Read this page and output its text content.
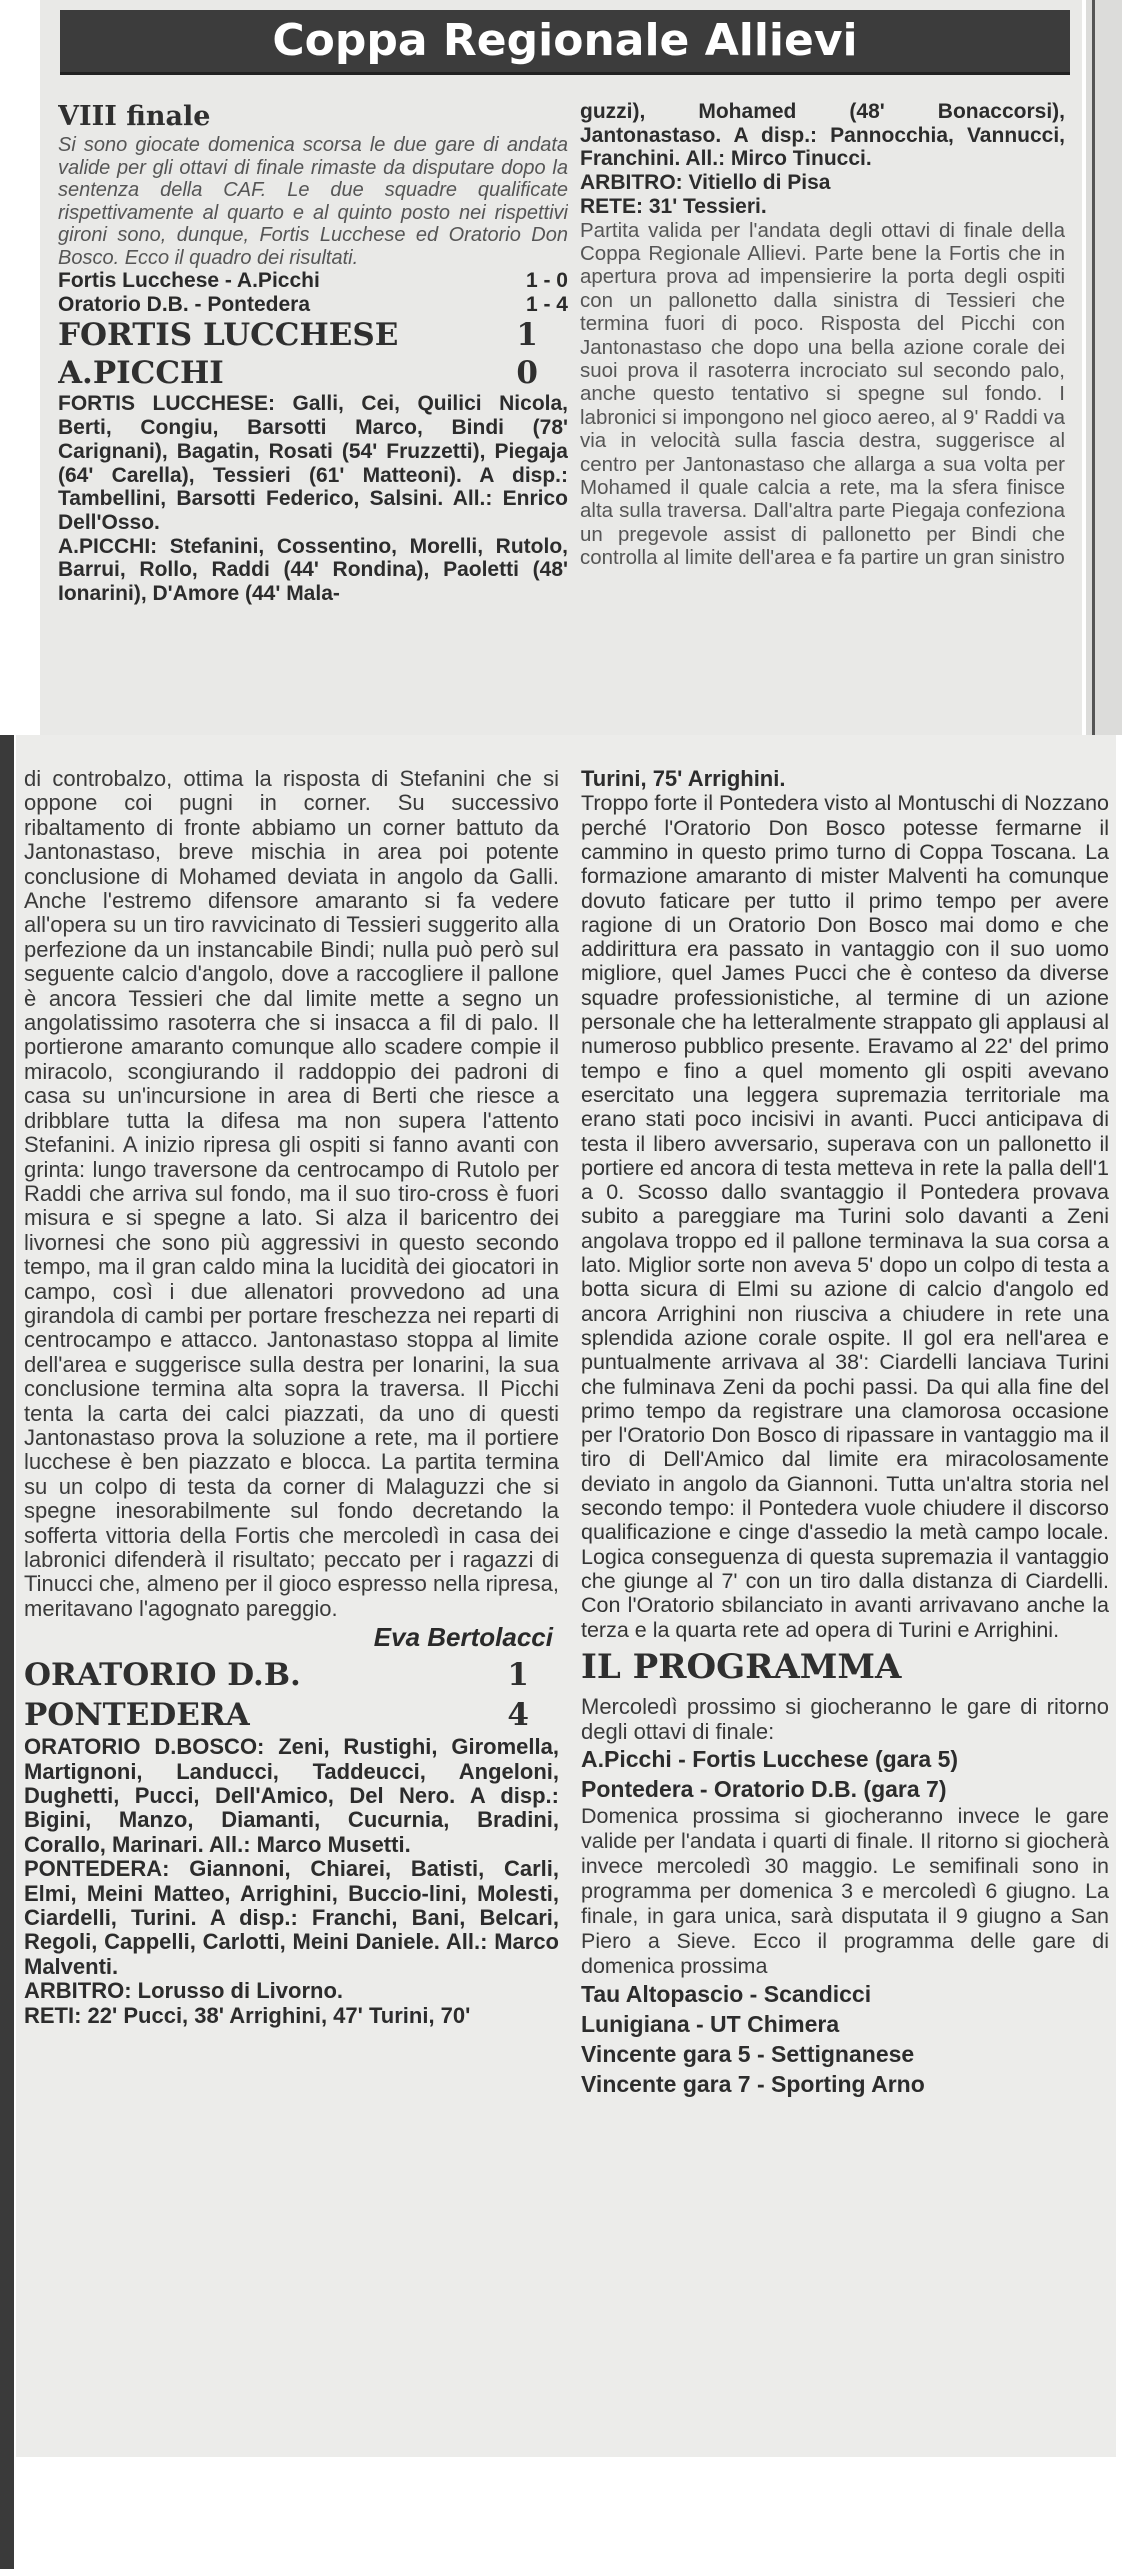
Coppa Regionale Allievi
VIII finale

Si sono giocate domenica scorsa le due gare di andata valide per gli ottavi di finale rimaste da disputare dopo la sentenza della CAF. Le due squadre qualificate rispettivamente al quarto e al quinto posto nei rispettivi gironi sono, dunque, Fortis Lucchese ed Oratorio Don Bosco. Ecco il quadro dei risultati.

Fortis Lucchese - A.Picchi	1 - 0
Oratorio D.B. - Pontedera	1 - 4
FORTIS LUCCHESE	1
A.PICCHI	0

FORTIS LUCCHESE: Galli, Cei, Quilici Nicola, Berti, Congiu, Barsotti Marco, Bindi (78' Carignani), Bagatin, Rosati (54' Fruzzetti), Piegaja (64' Carella), Tessieri (61' Matteoni). A disp.: Tambellini, Barsotti Federico, Salsini. All.: Enrico Dell'Osso.

A.PICCHI: Stefanini, Cossentino, Morelli, Rutolo, Barrui, Rollo, Raddi (44' Rondina), Paoletti (48' Ionarini), D'Amore (44' Mala-

guzzi), Mohamed (48' Bonaccorsi), Jantonastaso. A disp.: Pannocchia, Vannucci, Franchini. All.: Mirco Tinucci.

ARBITRO: Vitiello di Pisa

RETE: 31' Tessieri.

Partita valida per l'andata degli ottavi di finale della Coppa Regionale Allievi. Parte bene la Fortis che in apertura prova ad impensierire la porta degli ospiti con un pallonetto dalla sinistra di Tessieri che termina fuori di poco. Risposta del Picchi con Jantonastaso che dopo una bella azione corale dei suoi prova il rasoterra incrociato sul secondo palo, anche questo tentativo si spegne sul fondo. I labronici si impongono nel gioco aereo, al 9' Raddi va via in velocità sulla fascia destra, suggerisce al centro per Jantonastaso che allarga a sua volta per Mohamed il quale calcia a rete, ma la sfera finisce alta sulla traversa. Dall'altra parte Piegaja confeziona un pregevole assist di pallonetto per Bindi che controlla al limite dell'area e fa partire un gran sinistro

di controbalzo, ottima la risposta di Stefanini che si oppone coi pugni in corner. Su successivo ribaltamento di fronte abbiamo un corner battuto da Jantonastaso, breve mischia in area poi potente conclusione di Mohamed deviata in angolo da Galli. Anche l'estremo difensore amaranto si fa vedere all'opera su un tiro ravvicinato di Tessieri suggerito alla perfezione da un instancabile Bindi; nulla può però sul seguente calcio d'angolo, dove a raccogliere il pallone è ancora Tessieri che dal limite mette a segno un angolatissimo rasoterra che si insacca a fil di palo. Il portierone amaranto comunque allo scadere compie il miracolo, scongiurando il raddoppio dei padroni di casa su un'incursione in area di Berti che riesce a dribblare tutta la difesa ma non supera l'attento Stefanini. A inizio ripresa gli ospiti si fanno avanti con grinta: lungo traversone da centrocampo di Rutolo per Raddi che arriva sul fondo, ma il suo tiro-cross è fuori misura e si spegne a lato. Si alza il baricentro dei livornesi che sono più aggressivi in questo secondo tempo, ma il gran caldo mina la lucidità dei giocatori in campo, così i due allenatori provvedono ad una girandola di cambi per portare freschezza nei reparti di centrocampo e attacco. Jantonastaso stoppa al limite dell'area e suggerisce sulla destra per Ionarini, la sua conclusione termina alta sopra la traversa. Il Picchi tenta la carta dei calci piazzati, da uno di questi Jantonastaso prova la soluzione a rete, ma il portiere lucchese è ben piazzato e blocca. La partita termina su un colpo di testa da corner di Malaguzzi che si spegne inesorabilmente sul fondo decretando la sofferta vittoria della Fortis che mercoledì in casa dei labronici difenderà il risultato; peccato per i ragazzi di Tinucci che, almeno per il gioco espresso nella ripresa, meritavano l'agognato pareggio.

Eva Bertolacci
ORATORIO D.B.	1
PONTEDERA	4

ORATORIO D.BOSCO: Zeni, Rustighi, Giromella, Martignoni, Landucci, Taddeucci, Angeloni, Dughetti, Pucci, Dell'Amico, Del Nero. A disp.: Bigini, Manzo, Diamanti, Cucurnia, Bradini, Corallo, Marinari. All.: Marco Musetti.

PONTEDERA: Giannoni, Chiarei, Batisti, Carli, Elmi, Meini Matteo, Arrighini, Buccio-lini, Molesti, Ciardelli, Turini. A disp.: Franchi, Bani, Belcari, Regoli, Cappelli, Carlotti, Meini Daniele. All.: Marco Malventi.

ARBITRO: Lorusso di Livorno.

RETI: 22' Pucci, 38' Arrighini, 47' Turini, 70'

Turini, 75' Arrighini.

Troppo forte il Pontedera visto al Montuschi di Nozzano perché l'Oratorio Don Bosco potesse fermarne il cammino in questo primo turno di Coppa Toscana. La formazione amaranto di mister Malventi ha comunque dovuto faticare per tutto il primo tempo per avere ragione di un Oratorio Don Bosco mai domo e che addirittura era passato in vantaggio con il suo uomo migliore, quel James Pucci che è conteso da diverse squadre professionistiche, al termine di un azione personale che ha letteralmente strappato gli applausi al numeroso pubblico presente. Eravamo al 22' del primo tempo e fino a quel momento gli ospiti avevano esercitato una leggera supremazia territoriale ma erano stati poco incisivi in avanti. Pucci anticipava di testa il libero avversario, superava con un pallonetto il portiere ed ancora di testa metteva in rete la palla dell'1 a 0. Scosso dallo svantaggio il Pontedera provava subito a pareggiare ma Turini solo davanti a Zeni angolava troppo ed il pallone terminava la sua corsa a lato. Miglior sorte non aveva 5' dopo un colpo di testa a botta sicura di Elmi su azione di calcio d'angolo ed ancora Arrighini non riusciva a chiudere in rete una splendida azione corale ospite. Il gol era nell'area e puntualmente arrivava al 38': Ciardelli lanciava Turini che fulminava Zeni da pochi passi. Da qui alla fine del primo tempo da registrare una clamorosa occasione per l'Oratorio Don Bosco di ripassare in vantaggio ma il tiro di Dell'Amico dal limite era miracolosamente deviato in angolo da Giannoni. Tutta un'altra storia nel secondo tempo: il Pontedera vuole chiudere il discorso qualificazione e cinge d'assedio la metà campo locale. Logica conseguenza di questa supremazia il vantaggio che giunge al 7' con un tiro dalla distanza di Ciardelli. Con l'Oratorio sbilanciato in avanti arrivavano anche la terza e la quarta rete ad opera di Turini e Arrighini.

IL PROGRAMMA

Mercoledì prossimo si giocheranno le gare di ritorno degli ottavi di finale:

A.Picchi - Fortis Lucchese (gara 5)
Pontedera - Oratorio D.B. (gara 7)

Domenica prossima si giocheranno invece le gare valide per l'andata i quarti di finale. Il ritorno si giocherà invece mercoledì 30 maggio. Le semifinali sono in programma per domenica 3 e mercoledì 6 giugno. La finale, in gara unica, sarà disputata il 9 giugno a San Piero a Sieve. Ecco il programma delle gare di domenica prossima

Tau Altopascio - Scandicci
Lunigiana - UT Chimera
Vincente gara 5 - Settignanese
Vincente gara 7 - Sporting Arno
